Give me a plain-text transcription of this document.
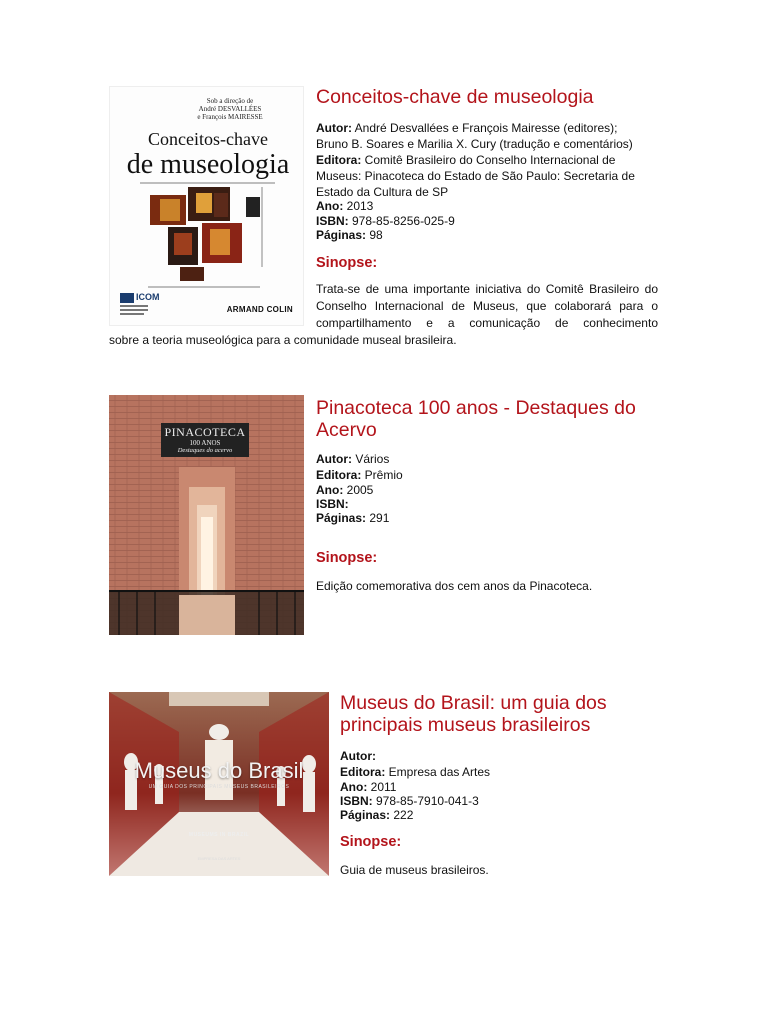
Sob a direção de
André DESVALLÉES
e François MAIRESSE
Conceitos-chave
de museologia
ICOM
ARMAND COLIN
Conceitos-chave de museologia
Autor: André Desvallées e François Mairesse (editores);
Bruno B. Soares e Marilia X. Cury (tradução e comentários)
Editora: Comitê Brasileiro do Conselho Internacional de
Museus: Pinacoteca do Estado de São Paulo: Secretaria de
Estado da Cultura de SP
Ano: 2013
ISBN: 978-85-8256-025-9
Páginas: 98
Sinopse:
Trata-se de uma importante iniciativa do Comitê Brasileiro do Conselho Internacional de Museus, que colaborará para o compartilhamento e a comunicação de conhecimento
sobre a teoria museológica para a comunidade museal brasileira.
PINACOTECA
100 ANOS
Destaques do acervo
Pinacoteca 100 anos - Destaques do Acervo
Autor: Vários
Editora: Prêmio
Ano: 2005
ISBN:
Páginas: 291
Sinopse:
Edição comemorativa dos cem anos da Pinacoteca.
Museus do Brasil
UM GUIA DOS PRINCIPAIS MUSEUS BRASILEIROS
MUSEUMS IN BRAZIL
EMPRESA DAS ARTES
Museus do Brasil: um guia dos principais museus brasileiros
Autor:
Editora: Empresa das Artes
Ano: 2011
ISBN: 978-85-7910-041-3
Páginas: 222
Sinopse:
Guia de museus brasileiros.
